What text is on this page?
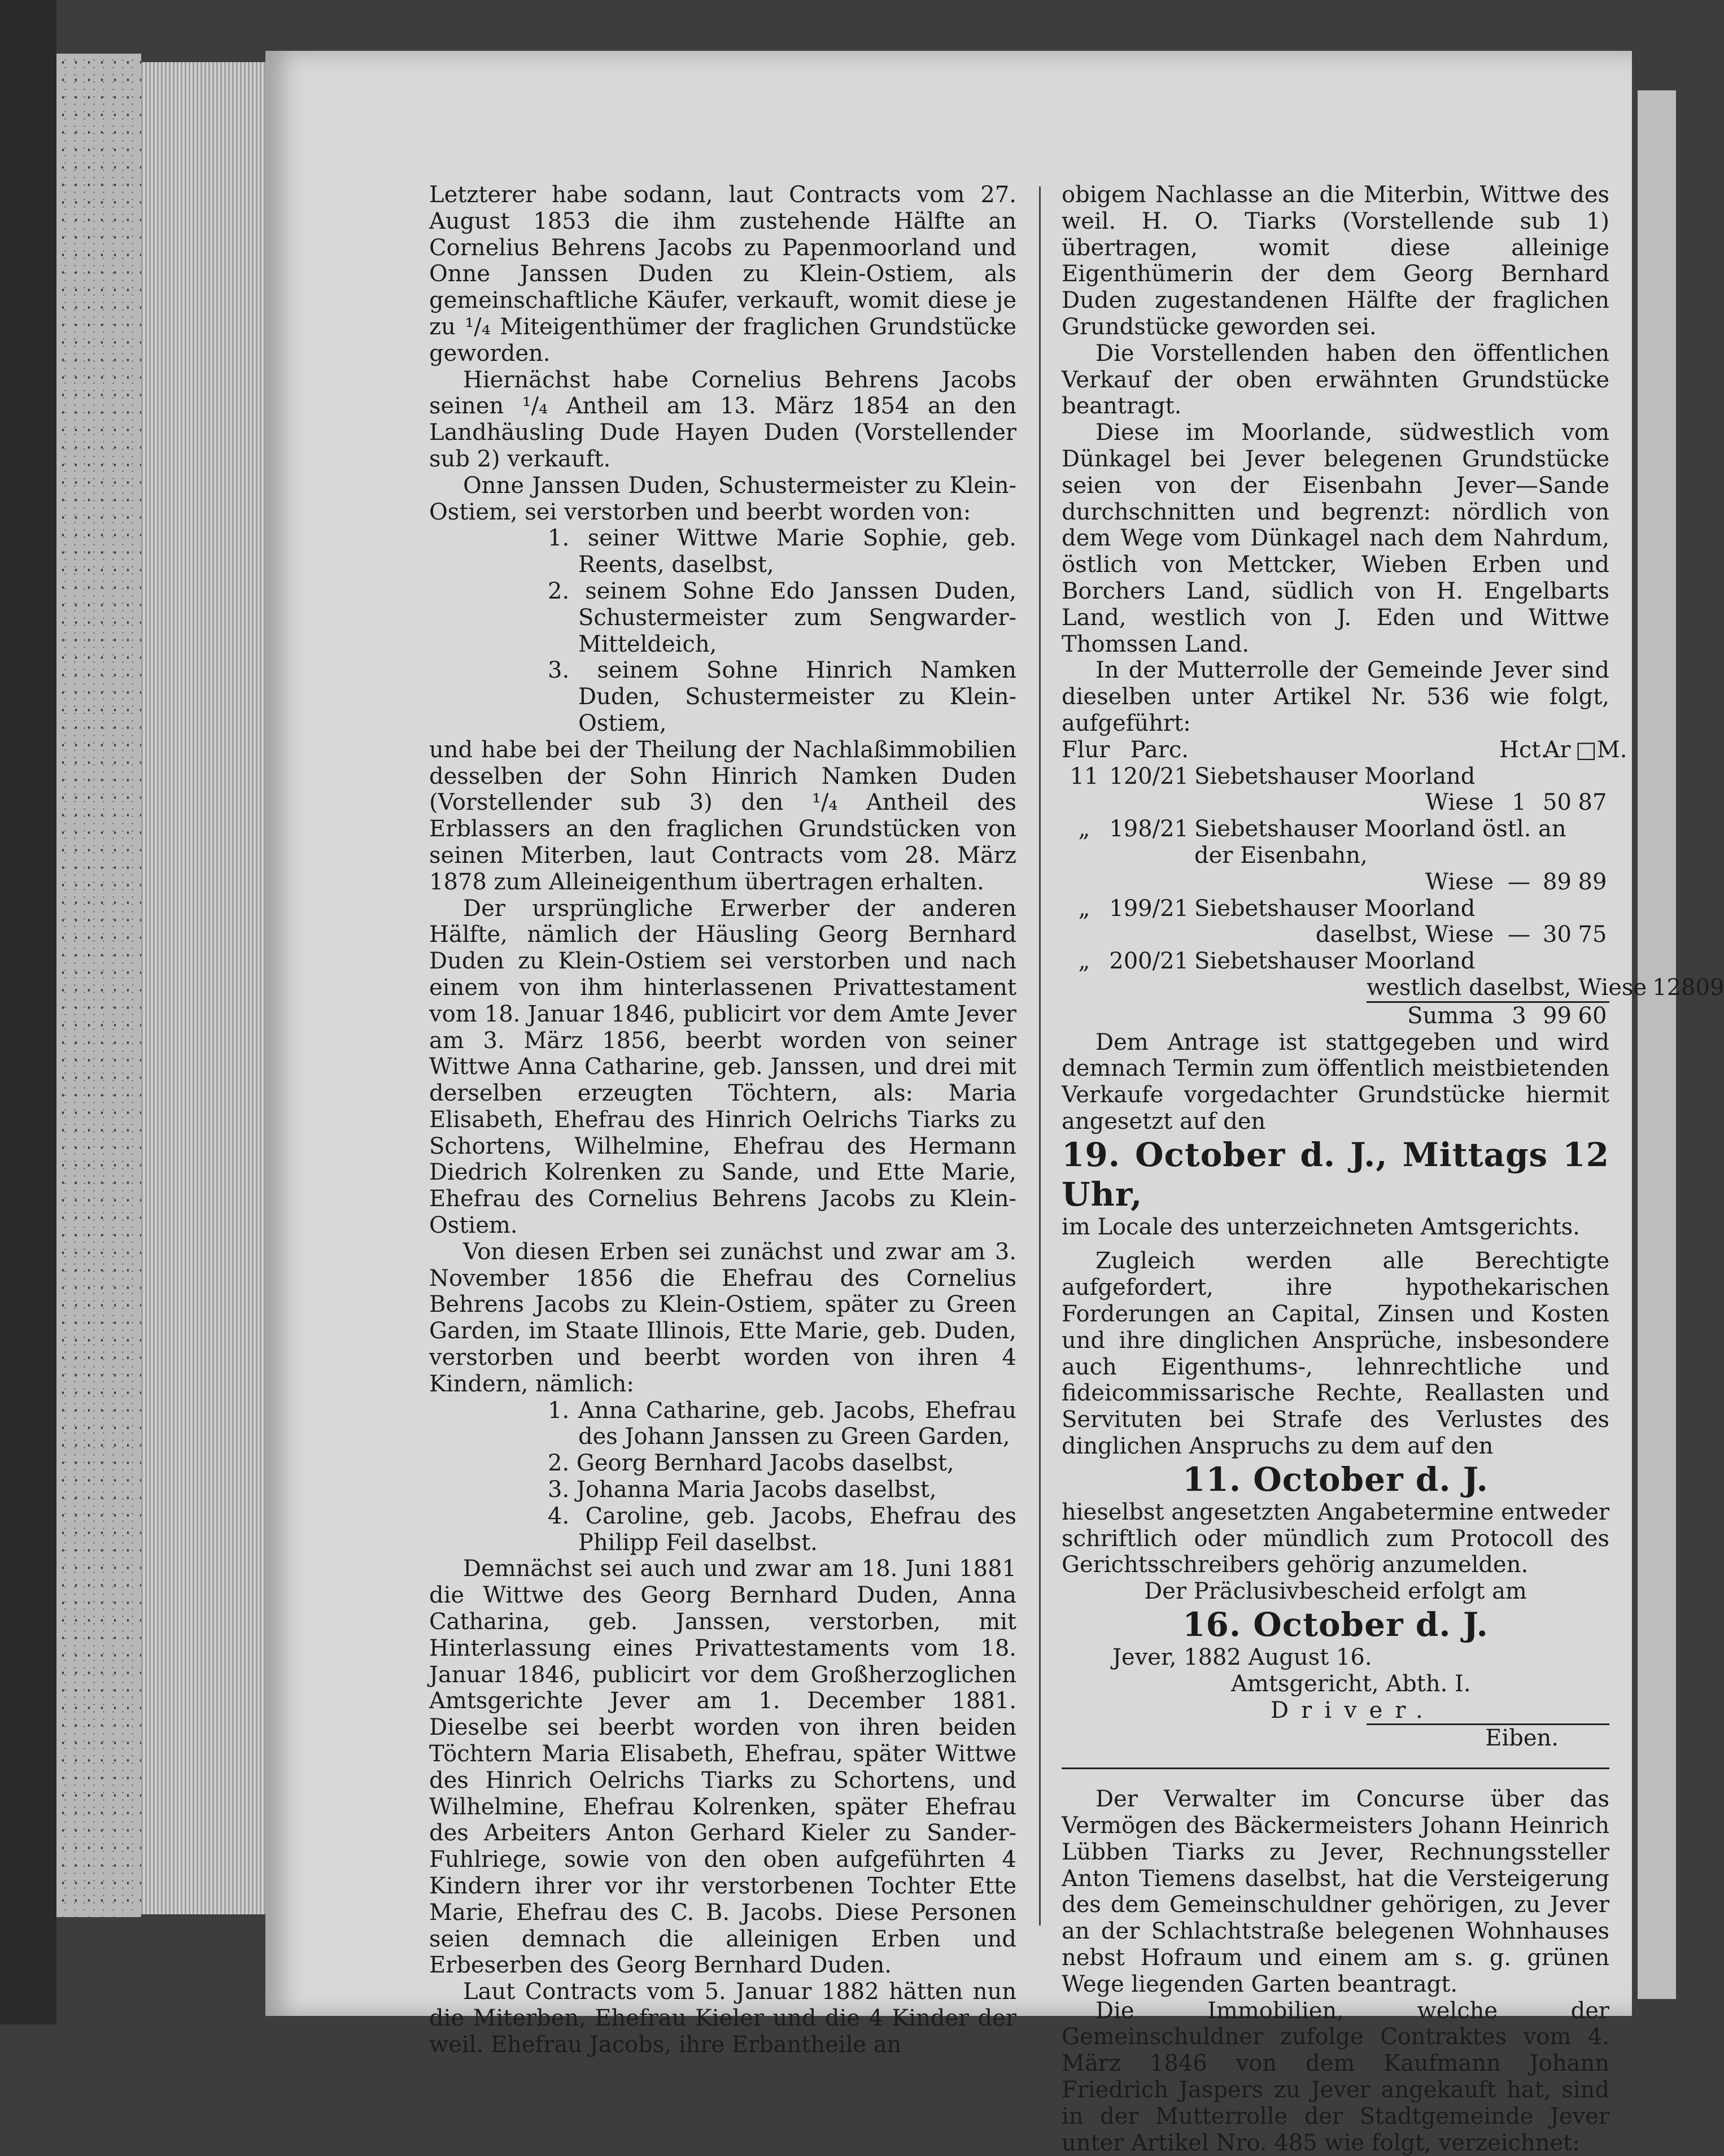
Letzterer habe sodann, laut Contracts vom 27. August 1853 die ihm zustehende Hälfte an Cornelius Behrens Jacobs zu Papenmoorland und Onne Janssen Duden zu Klein-Ostiem, als gemeinschaftliche Käufer, verkauft, womit diese je zu ¹/₄ Miteigenthümer der fraglichen Grundstücke geworden.

Hiernächst habe Cornelius Behrens Jacobs seinen ¹/₄ Antheil am 13. März 1854 an den Landhäusling Dude Hayen Duden (Vorstellender sub 2) verkauft.

Onne Janssen Duden, Schustermeister zu Klein-Ostiem, sei verstorben und beerbt worden von:

1. seiner Wittwe Marie Sophie, geb. Reents, daselbst,

2. seinem Sohne Edo Janssen Duden, Schustermeister zum Sengwarder-Mitteldeich,

3. seinem Sohne Hinrich Namken Duden, Schustermeister zu Klein-Ostiem,

und habe bei der Theilung der Nachlaßimmobilien desselben der Sohn Hinrich Namken Duden (Vorstellender sub 3) den ¹/₄ Antheil des Erblassers an den fraglichen Grundstücken von seinen Miterben, laut Contracts vom 28. März 1878 zum Alleineigenthum übertragen erhalten.

Der ursprüngliche Erwerber der anderen Hälfte, nämlich der Häusling Georg Bernhard Duden zu Klein-Ostiem sei verstorben und nach einem von ihm hinterlassenen Privattestament vom 18. Januar 1846, publicirt vor dem Amte Jever am 3. März 1856, beerbt worden von seiner Wittwe Anna Catharine, geb. Janssen, und drei mit derselben erzeugten Töchtern, als: Maria Elisabeth, Ehefrau des Hinrich Oelrichs Tiarks zu Schortens, Wilhelmine, Ehefrau des Hermann Diedrich Kolrenken zu Sande, und Ette Marie, Ehefrau des Cornelius Behrens Jacobs zu Klein-Ostiem.

Von diesen Erben sei zunächst und zwar am 3. November 1856 die Ehefrau des Cornelius Behrens Jacobs zu Klein-Ostiem, später zu Green Garden, im Staate Illinois, Ette Marie, geb. Duden, verstorben und beerbt worden von ihren 4 Kindern, nämlich:

1. Anna Catharine, geb. Jacobs, Ehefrau des Johann Janssen zu Green Garden,

2. Georg Bernhard Jacobs daselbst,

3. Johanna Maria Jacobs daselbst,

4. Caroline, geb. Jacobs, Ehefrau des Philipp Feil daselbst.

Demnächst sei auch und zwar am 18. Juni 1881 die Wittwe des Georg Bernhard Duden, Anna Catharina, geb. Janssen, verstorben, mit Hinterlassung eines Privattestaments vom 18. Januar 1846, publicirt vor dem Großherzoglichen Amtsgerichte Jever am 1. December 1881. Dieselbe sei beerbt worden von ihren beiden Töchtern Maria Elisabeth, Ehefrau, später Wittwe des Hinrich Oelrichs Tiarks zu Schortens, und Wilhelmine, Ehefrau Kolrenken, später Ehefrau des Arbeiters Anton Gerhard Kieler zu Sander-Fuhlriege, sowie von den oben aufgeführten 4 Kindern ihrer vor ihr verstorbenen Tochter Ette Marie, Ehefrau des C. B. Jacobs. Diese Personen seien demnach die alleinigen Erben und Erbeserben des Georg Bernhard Duden.

Laut Contracts vom 5. Januar 1882 hätten nun die Miterben, Ehefrau Kieler und die 4 Kinder der weil. Ehefrau Jacobs, ihre Erbantheile an

obigem Nachlasse an die Miterbin, Wittwe des weil. H. O. Tiarks (Vorstellende sub 1) übertragen, womit diese alleinige Eigenthümerin der dem Georg Bernhard Duden zugestandenen Hälfte der fraglichen Grundstücke geworden sei.

Die Vorstellenden haben den öffentlichen Verkauf der oben erwähnten Grundstücke beantragt.

Diese im Moorlande, südwestlich vom Dünkagel bei Jever belegenen Grundstücke seien von der Eisenbahn Jever—Sande durchschnitten und begrenzt: nördlich von dem Wege vom Dünkagel nach dem Nahrdum, östlich von Mettcker, Wieben Erben und Borchers Land, südlich von H. Engelbarts Land, westlich von J. Eden und Wittwe Thomssen Land.

In der Mutterrolle der Gemeinde Jever sind dieselben unter Artikel Nr. 536 wie folgt, aufgeführt:

Flur Parc.	Hct.
Ar □M.
11 120/21 Siebetshauser Moorland
Wiese 1 50 87
„ 198/21 Siebetshauser Moorland östl. an der Eisenbahn,
Wiese — 89 89
„ 199/21 Siebetshauser Moorland
daselbst, Wiese — 30 75
„ 200/21 Siebetshauser Moorland
westlich daselbst, Wiese 1 28 09
Summa 3 99 60

Dem Antrage ist stattgegeben und wird demnach Termin zum öffentlich meistbietenden Verkaufe vorgedachter Grundstücke hiermit angesetzt auf den

19. October d. J., Mittags 12 Uhr,

im Locale des unterzeichneten Amtsgerichts.

Zugleich werden alle Berechtigte aufgefordert, ihre hypothekarischen Forderungen an Capital, Zinsen und Kosten und ihre dinglichen Ansprüche, insbesondere auch Eigenthums-, lehnrechtliche und fideicommissarische Rechte, Reallasten und Servituten bei Strafe des Verlustes des dinglichen Anspruchs zu dem auf den

11. October d. J.

hieselbst angesetzten Angabetermine entweder schriftlich oder mündlich zum Protocoll des Gerichtsschreibers gehörig anzumelden.

Der Präclusivbescheid erfolgt am

16. October d. J.

Jever, 1882 August 16.

Amtsgericht, Abth. I.

Driver.

Eiben.

Der Verwalter im Concurse über das Vermögen des Bäckermeisters Johann Heinrich Lübben Tiarks zu Jever, Rechnungssteller Anton Tiemens daselbst, hat die Versteigerung des dem Gemeinschuldner gehörigen, zu Jever an der Schlachtstraße belegenen Wohnhauses nebst Hofraum und einem am s. g. grünen Wege liegenden Garten beantragt.

Die Immobilien, welche der Gemeinschuldner zufolge Contraktes vom 4. März 1846 von dem Kaufmann Johann Friedrich Jaspers zu Jever angekauft hat, sind in der Mutterrolle der Stadtgemeinde Jever unter Artikel Nro. 485 wie folgt, verzeichnet:
